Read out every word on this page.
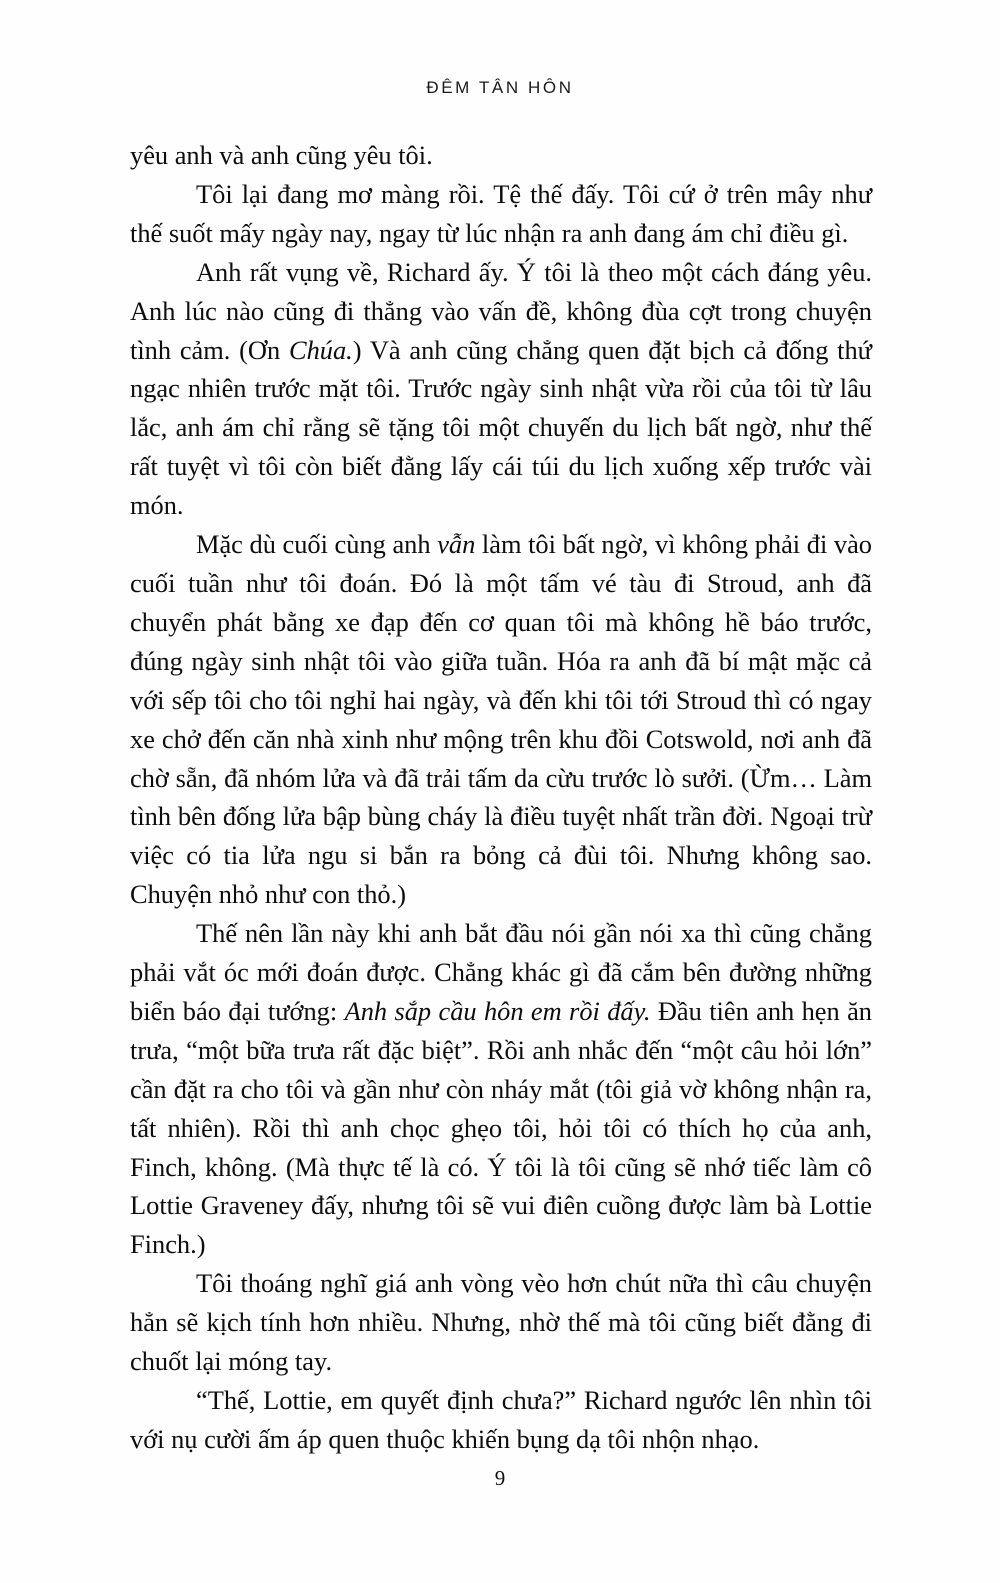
ĐÊM TÂN HÔN

yêu anh và anh cũng yêu tôi.

Tôi lại đang mơ màng rồi. Tệ thế đấy. Tôi cứ ở trên mây như thế suốt mấy ngày nay, ngay từ lúc nhận ra anh đang ám chỉ điều gì.

Anh rất vụng về, Richard ấy. Ý tôi là theo một cách đáng yêu. Anh lúc nào cũng đi thẳng vào vấn đề, không đùa cợt trong chuyện tình cảm. (Ơn Chúa.) Và anh cũng chẳng quen đặt bịch cả đống thứ ngạc nhiên trước mặt tôi. Trước ngày sinh nhật vừa rồi của tôi từ lâu lắc, anh ám chỉ rằng sẽ tặng tôi một chuyến du lịch bất ngờ, như thế rất tuyệt vì tôi còn biết đằng lấy cái túi du lịch xuống xếp trước vài món.

Mặc dù cuối cùng anh vẫn làm tôi bất ngờ, vì không phải đi vào cuối tuần như tôi đoán. Đó là một tấm vé tàu đi Stroud, anh đã chuyển phát bằng xe đạp đến cơ quan tôi mà không hề báo trước, đúng ngày sinh nhật tôi vào giữa tuần. Hóa ra anh đã bí mật mặc cả với sếp tôi cho tôi nghỉ hai ngày, và đến khi tôi tới Stroud thì có ngay xe chở đến căn nhà xinh như mộng trên khu đồi Cotswold, nơi anh đã chờ sẵn, đã nhóm lửa và đã trải tấm da cừu trước lò sưởi. (Ừm… Làm tình bên đống lửa bập bùng cháy là điều tuyệt nhất trần đời. Ngoại trừ việc có tia lửa ngu si bắn ra bỏng cả đùi tôi. Nhưng không sao. Chuyện nhỏ như con thỏ.)

Thế nên lần này khi anh bắt đầu nói gần nói xa thì cũng chẳng phải vắt óc mới đoán được. Chẳng khác gì đã cắm bên đường những biển báo đại tướng: Anh sắp cầu hôn em rồi đấy. Đầu tiên anh hẹn ăn trưa, “một bữa trưa rất đặc biệt”. Rồi anh nhắc đến “một câu hỏi lớn” cần đặt ra cho tôi và gần như còn nháy mắt (tôi giả vờ không nhận ra, tất nhiên). Rồi thì anh chọc ghẹo tôi, hỏi tôi có thích họ của anh, Finch, không. (Mà thực tế là có. Ý tôi là tôi cũng sẽ nhớ tiếc làm cô Lottie Graveney đấy, nhưng tôi sẽ vui điên cuồng được làm bà Lottie Finch.)

Tôi thoáng nghĩ giá anh vòng vèo hơn chút nữa thì câu chuyện hẳn sẽ kịch tính hơn nhiều. Nhưng, nhờ thế mà tôi cũng biết đằng đi chuốt lại móng tay.

“Thế, Lottie, em quyết định chưa?” Richard ngước lên nhìn tôi với nụ cười ấm áp quen thuộc khiến bụng dạ tôi nhộn nhạo.

9
